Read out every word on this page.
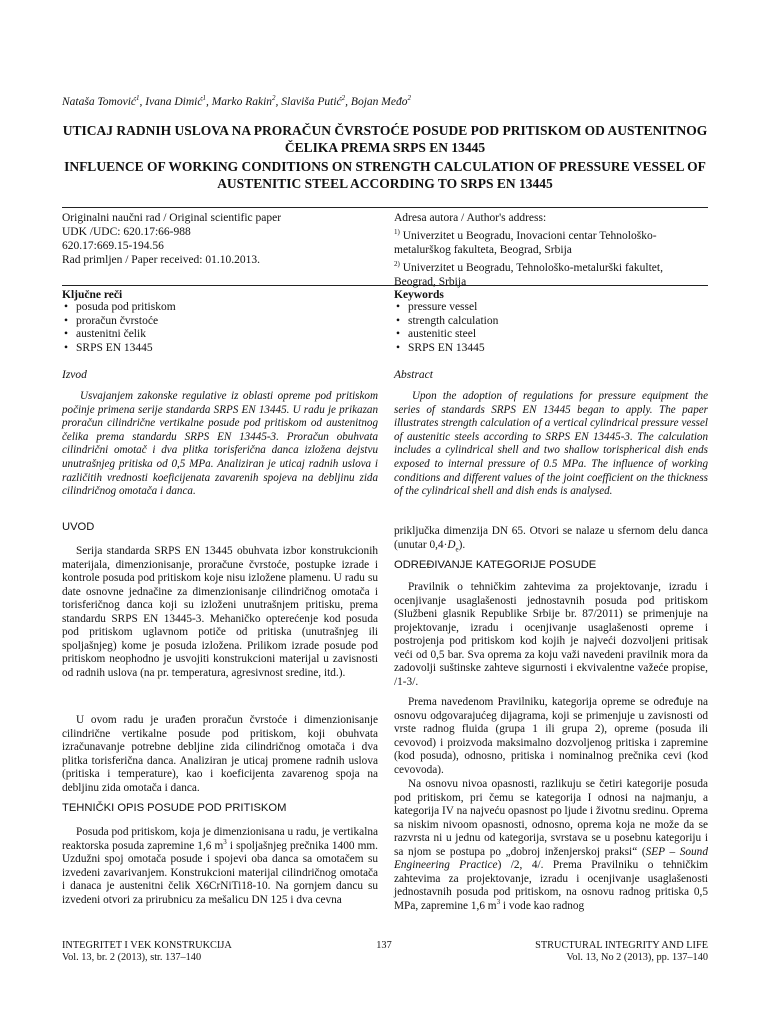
Nataša Tomović$^1$, Ivana Dimić$^1$, Marko Rakin$^2$, Slaviša Putić$^2$, Bojan Međo$^2$
UTICAJ RADNIH USLOVA NA PRORAČUN ČVRSTOĆE POSUDE POD PRITISKOM OD AUSTENITNOG ČELIKA PREMA SRPS EN 13445
INFLUENCE OF WORKING CONDITIONS ON STRENGTH CALCULATION OF PRESSURE VESSEL OF AUSTENITIC STEEL ACCORDING TO SRPS EN 13445
Originalni naučni rad / Original scientific paper
UDK /UDC: 620.17:66-988
620.17:669.15-194.56
Rad primljen / Paper received: 01.10.2013.
Adresa autora / Author's address:
$^{1)}$ Univerzitet u Beogradu, Inovacioni centar Tehnološko-
metalurškog fakulteta, Beograd, Srbija
$^{2)}$ Univerzitet u Beogradu, Tehnološko-metalurški fakultet,
Beograd, Srbija
Ključne reči
• posuda pod pritiskom
• proračun čvrstoće
• austenitni čelik
• SRPS EN 13445
Keywords
• pressure vessel
• strength calculation
• austenitic steel
• SRPS EN 13445
Izvod

Usvajanjem zakonske regulative iz oblasti opreme pod pritiskom počinje primena serije standarda SRPS EN 13445. U radu je prikazan proračun cilindrične vertikalne posude pod pritiskom od austenitnog čelika prema standardu SRPS EN 13445-3. Proračun obuhvata cilindrični omotač i dva plitka torisferična danca izložena dejstvu unutrašnjeg pritiska od 0,5 MPa. Analiziran je uticaj radnih uslova i različitih vrednosti koeficijenata zavarenih spojeva na debljinu zida cilindričnog omotača i danca.

Abstract

Upon the adoption of regulations for pressure equipment the series of standards SRPS EN 13445 began to apply. The paper illustrates strength calculation of a vertical cylindrical pressure vessel of austenitic steels according to SRPS EN 13445-3. The calculation includes a cylindrical shell and two shallow torispherical dish ends exposed to internal pressure of 0.5 MPa. The influence of working conditions and different values of the joint coefficient on the thickness of the cylindrical shell and dish ends is analysed.

UVOD

Serija standarda SRPS EN 13445 obuhvata izbor konstrukcionih materijala, dimenzionisanje, proračune čvrstoće, postupke izrade i kontrole posuda pod pritiskom koje nisu izložene plamenu. U radu su date osnovne jednačine za dimenzionisanje cilindričnog omotača i torisferičnog danca koji su izloženi unutrašnjem pritisku, prema standardu SRPS EN 13445-3. Mehaničko opterećenje kod posuda pod pritiskom uglavnom potiče od pritiska (unutrašnjeg ili spoljašnjeg) kome je posuda izložena. Prilikom izrade posude pod pritiskom neophodno je usvojiti konstrukcioni materijal u zavisnosti od radnih uslova (na pr. temperatura, agresivnost sredine, itd.).

U ovom radu je urađen proračun čvrstoće i dimenzionisanje cilindrične vertikalne posude pod pritiskom, koji obuhvata izračunavanje potrebne debljine zida cilindričnog omotača i dva plitka torisferična danca. Analiziran je uticaj promene radnih uslova (pritiska i temperature), kao i koeficijenta zavarenog spoja na debljinu zida omotača i danca.

TEHNIČKI OPIS POSUDE POD PRITISKOM

Posuda pod pritiskom, koja je dimenzionisana u radu, je vertikalna reaktorska posuda zapremine 1,6 $m^3$ i spoljašnjeg prečnika 1400 mm. Uzdužni spoj omotača posude i spojevi oba danca sa omotačem su izvedeni zavarivanjem. Konstrukcioni materijal cilindričnog omotača i danaca je austenitni čelik X6CrNiTi18-10. Na gornjem dancu su izvedeni otvori za prirubnicu za mešalicu DN 125 i dva cevna

priključka dimenzija DN 65. Otvori se nalaze u sfernom delu danca (unutar $0,4\cdot D_e$).

ODREĐIVANJE KATEGORIJE POSUDE

Pravilnik o tehničkim zahtevima za projektovanje, izradu i ocenjivanje usaglašenosti jednostavnih posuda pod pritiskom (Službeni glasnik Republike Srbije br. 87/2011) se primenjuje na projektovanje, izradu i ocenjivanje usaglašenosti opreme i postrojenja pod pritiskom kod kojih je najveći dozvoljeni pritisak veći od 0,5 bar. Sva oprema za koju važi navedeni pravilnik mora da zadovolji suštinske zahteve sigurnosti i ekvivalentne važeće propise, /1-3/.

Prema navedenom Pravilniku, kategorija opreme se određuje na osnovu odgovarajućeg dijagrama, koji se primenjuje u zavisnosti od vrste radnog fluida (grupa 1 ili grupa 2), opreme (posuda ili cevovod) i proizvoda maksimalno dozvoljenog pritiska i zapremine (kod posuda), odnosno, pritiska i nominalnog prečnika cevi (kod cevovoda).

Na osnovu nivoa opasnosti, razlikuju se četiri kategorije posuda pod pritiskom, pri čemu se kategorija I odnosi na najmanju, a kategorija IV na najveću opasnost po ljude i životnu sredinu. Oprema sa niskim nivoom opasnosti, odnosno, oprema koja ne može da se razvrsta ni u jednu od kategorija, svrstava se u posebnu kategoriju i sa njom se postupa po „dobroj inženjerskoj praksi“ (SEP – Sound Engineering Practice) /2, 4/. Prema Pravilniku o tehničkim zahtevima za projektovanje, izradu i ocenjivanje usaglašenosti jednostavnih posuda pod pritiskom, na osnovu radnog pritiska 0,5 MPa, zapremine 1,6 $m^3$ i vode kao radnog

INTEGRITET I VEK KONSTRUKCIJA
Vol. 13, br. 2 (2013), str. 137–140
137	STRUCTURAL INTEGRITY AND LIFE
Vol. 13, No 2 (2013), pp. 137–140
